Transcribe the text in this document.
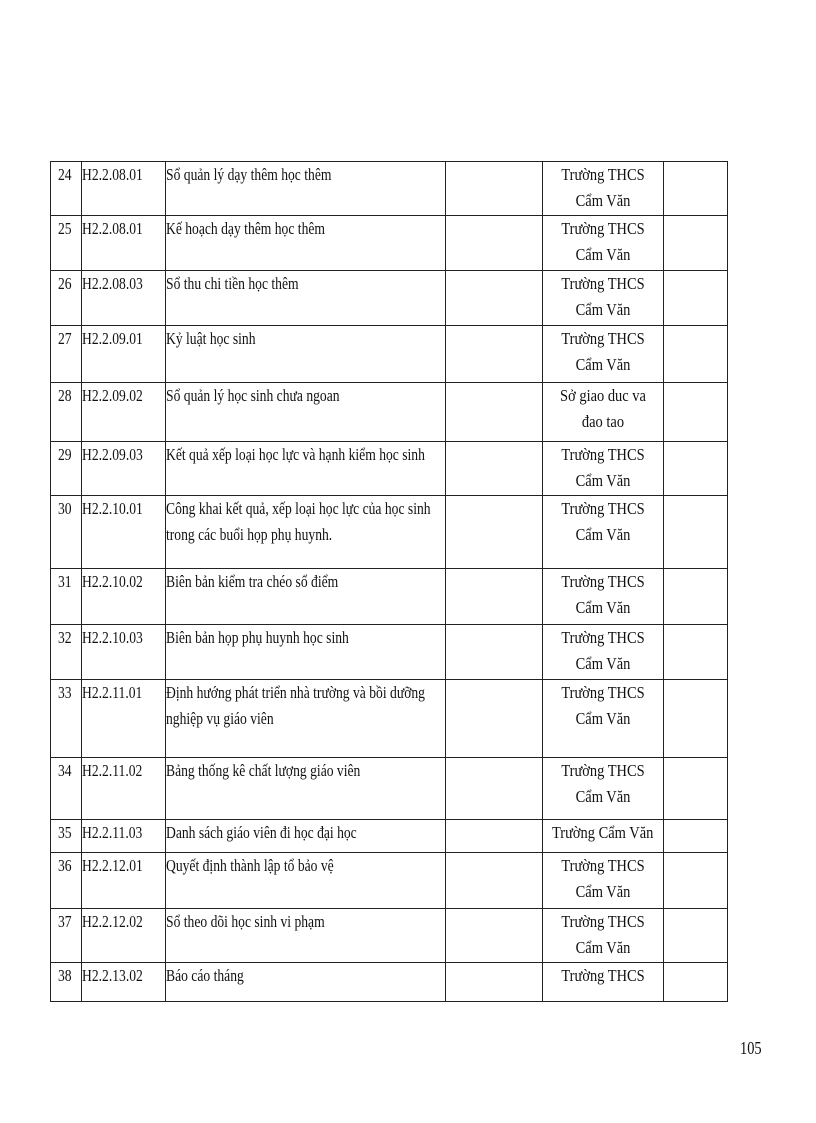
24	H2.2.08.01	Sổ quản lý dạy thêm học thêm		Trường THCS Cẩm Văn	
25	H2.2.08.01	Kế hoạch dạy thêm học thêm		Trường THCS Cẩm Văn	
26	H2.2.08.03	Sổ thu chi tiền học thêm		Trường THCS Cẩm Văn	
27	H2.2.09.01	Kỷ luật học sinh		Trường THCS Cẩm Văn	
28	H2.2.09.02	Sổ quản lý học sinh chưa ngoan		Sở giao duc va đao tao	
29	H2.2.09.03	Kết quả xếp loại học lực và hạnh kiểm học sinh		Trường THCS Cẩm Văn	
30	H2.2.10.01	Công khai kết quả, xếp loại học lực của học sinh trong các buổi họp phụ huynh.		Trường THCS Cẩm Văn	
31	H2.2.10.02	Biên bản kiểm tra chéo sổ điểm		Trường THCS Cẩm Văn	
32	H2.2.10.03	Biên bản họp phụ huynh học sinh		Trường THCS Cẩm Văn	
33	H2.2.11.01	Định hướng phát triển nhà trường và bồi dưỡng nghiệp vụ giáo viên		Trường THCS Cẩm Văn	
34	H2.2.11.02	Bảng thống kê chất lượng giáo viên		Trường THCS Cẩm Văn	
35	H2.2.11.03	Danh sách giáo viên đi học đại học		Trường Cẩm Văn	
36	H2.2.12.01	Quyết định thành lập tổ bảo vệ		Trường THCS Cẩm Văn	
37	H2.2.12.02	Sổ theo dõi học sinh vi phạm		Trường THCS Cẩm Văn	
38	H2.2.13.02	Báo cáo tháng		Trường THCS	
105
